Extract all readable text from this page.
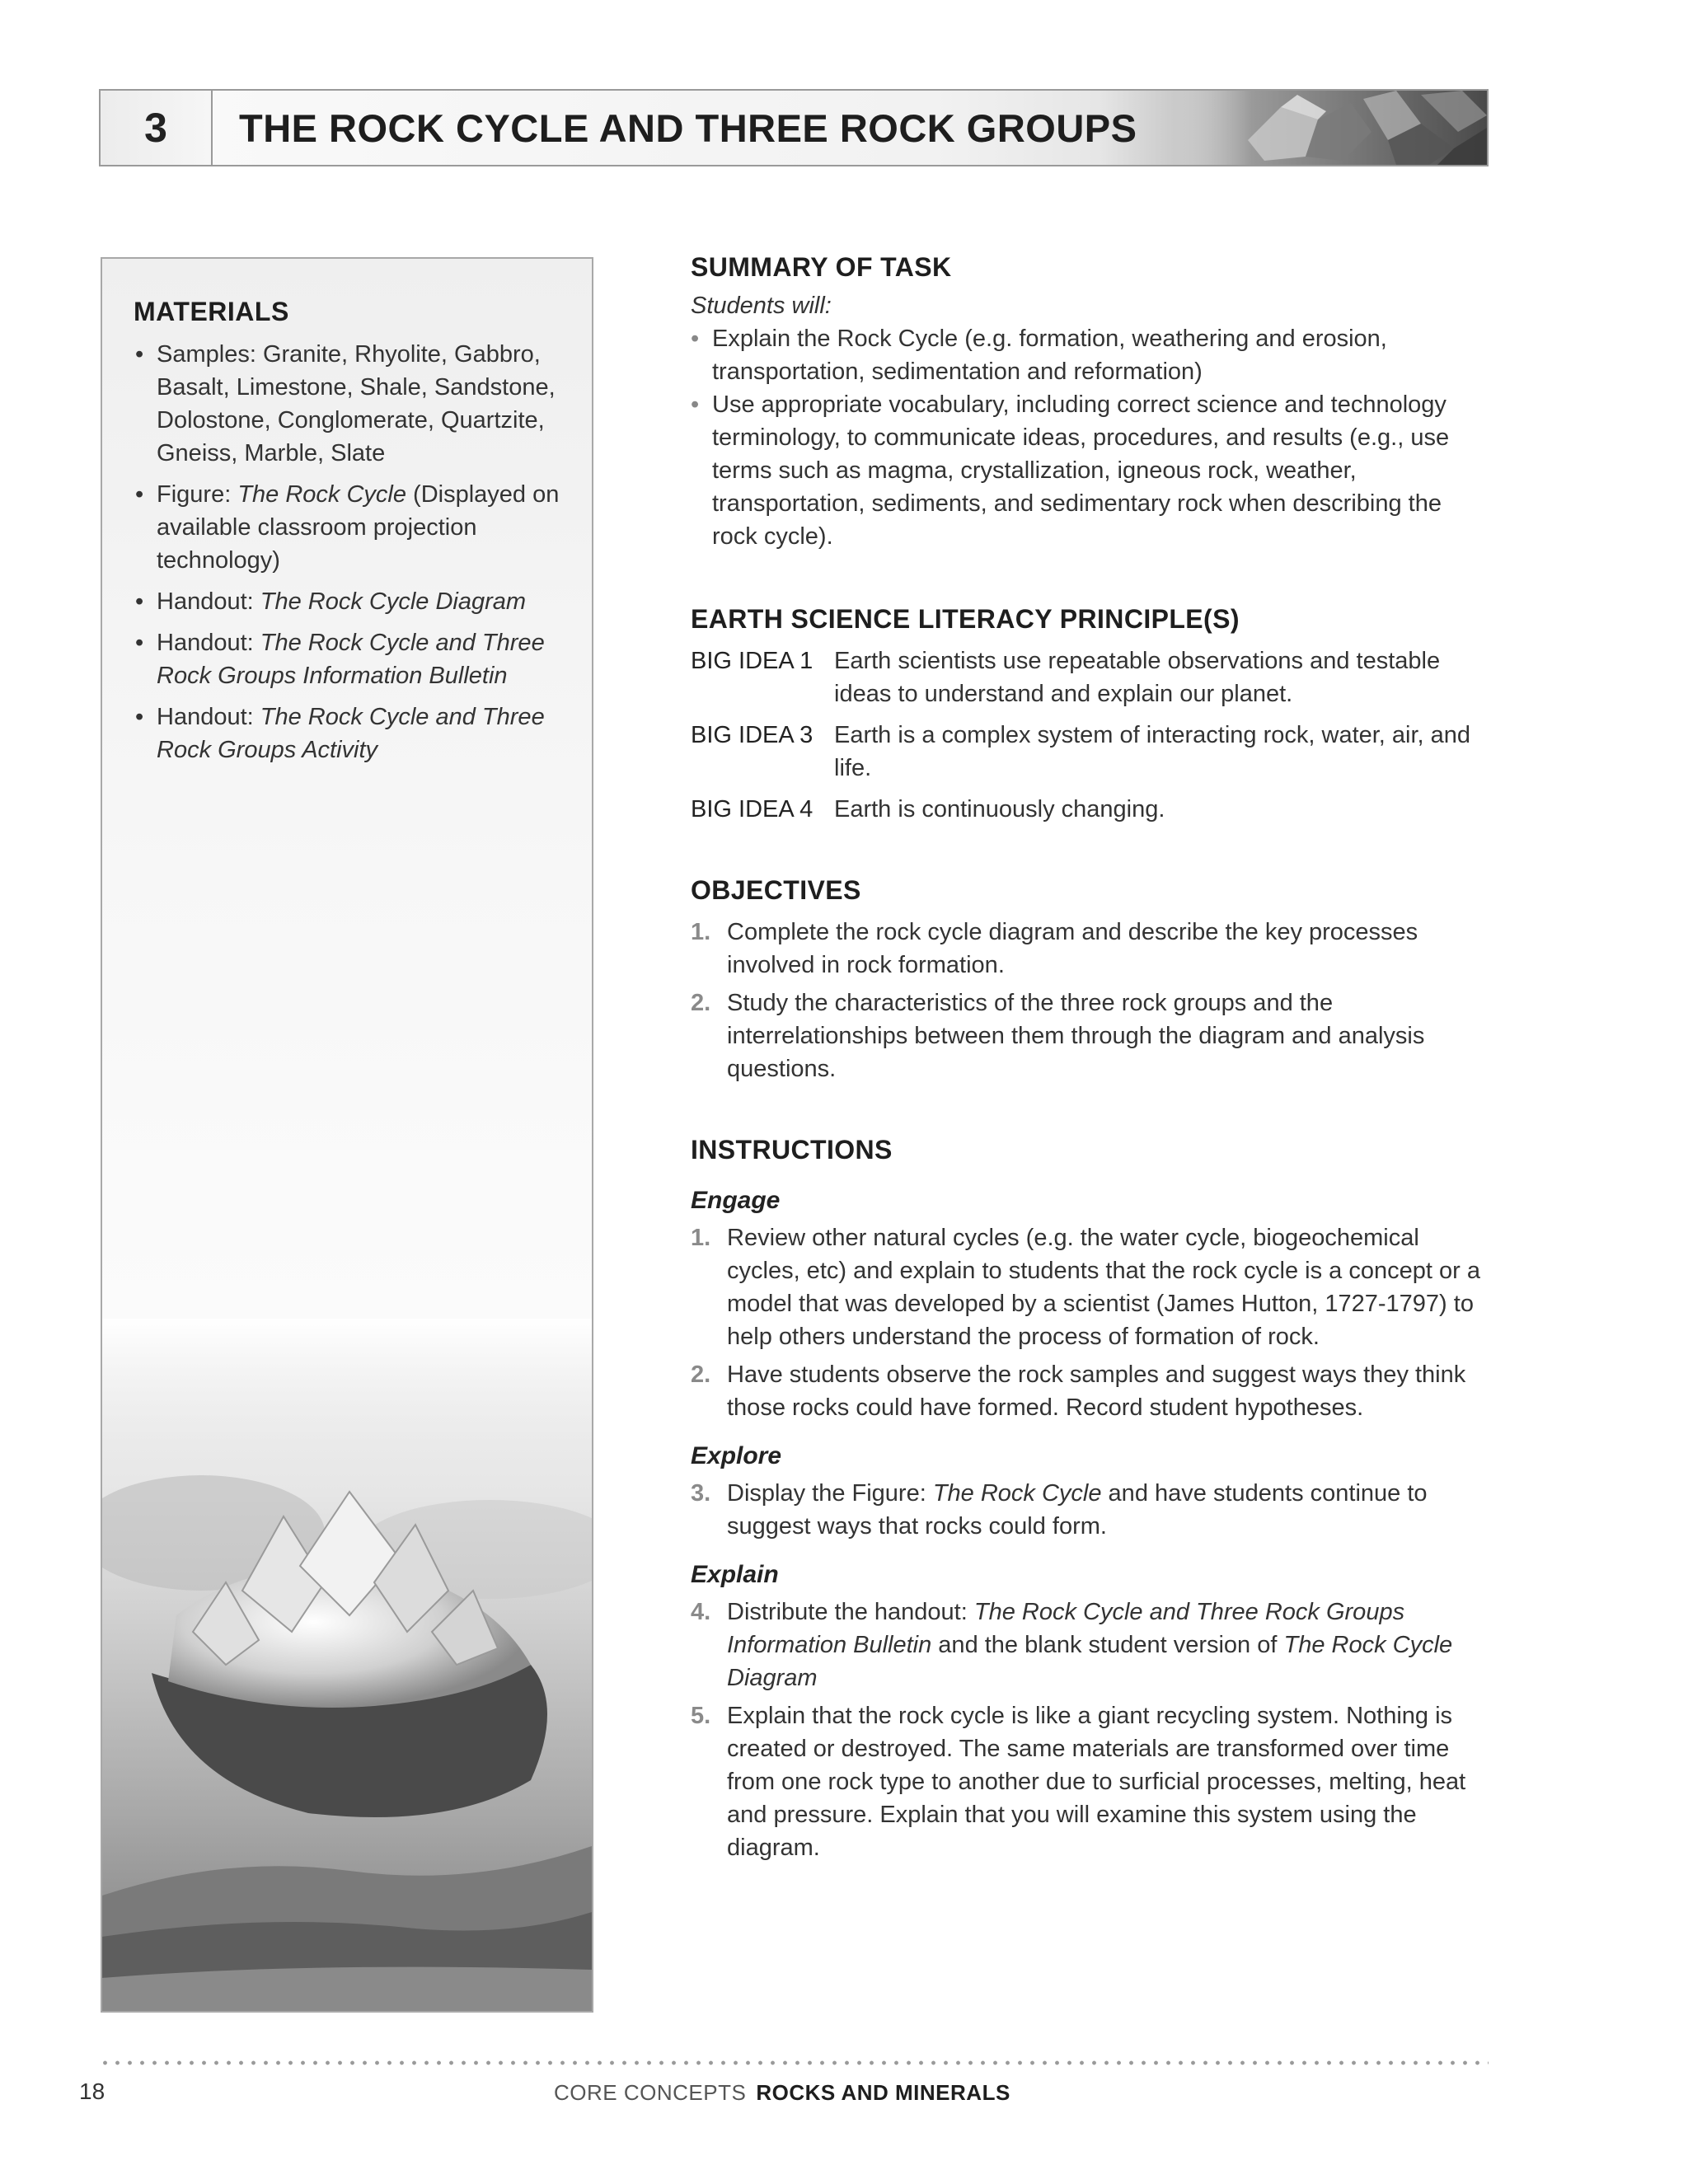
3	THE ROCK CYCLE AND THREE ROCK GROUPS
MATERIALS
• Samples: Granite, Rhyolite, Gabbro, Basalt, Limestone, Shale, Sandstone, Dolostone, Conglomerate, Quartzite, Gneiss, Marble, Slate
• Figure: The Rock Cycle (Displayed on available classroom projection technology)
• Handout: The Rock Cycle Diagram
• Handout: The Rock Cycle and Three Rock Groups Information Bulletin
• Handout: The Rock Cycle and Three Rock Groups Activity
SUMMARY OF TASK
Students will:
• Explain the Rock Cycle (e.g. formation, weathering and erosion, transportation, sedimentation and reformation)
• Use appropriate vocabulary, including correct science and technology terminology, to communicate ideas, procedures, and results (e.g., use terms such as magma, crystallization, igneous rock, weather, transportation, sediments, and sedimentary rock when describing the rock cycle).
EARTH SCIENCE LITERACY PRINCIPLE(S)
BIG IDEA 1 Earth scientists use repeatable observations and testable ideas to understand and explain our planet.
BIG IDEA 3 Earth is a complex system of interacting rock, water, air, and life.
BIG IDEA 4 Earth is continuously changing.
OBJECTIVES
1. Complete the rock cycle diagram and describe the key processes involved in rock formation.
2. Study the characteristics of the three rock groups and the interrelationships between them through the diagram and analysis questions.
INSTRUCTIONS
Engage
1. Review other natural cycles (e.g. the water cycle, biogeochemical cycles, etc) and explain to students that the rock cycle is a concept or a model that was developed by a scientist (James Hutton, 1727-1797) to help others understand the process of formation of rock.
2. Have students observe the rock samples and suggest ways they think those rocks could have formed. Record student hypotheses.
Explore
3. Display the Figure: The Rock Cycle and have students continue to suggest ways that rocks could form.
Explain
4. Distribute the handout: The Rock Cycle and Three Rock Groups Information Bulletin and the blank student version of The Rock Cycle Diagram
5. Explain that the rock cycle is like a giant recycling system. Nothing is created or destroyed. The same materials are transformed over time from one rock type to another due to surficial processes, melting, heat and pressure. Explain that you will examine this system using the diagram.
18	CORE CONCEPTS ROCKS AND MINERALS
